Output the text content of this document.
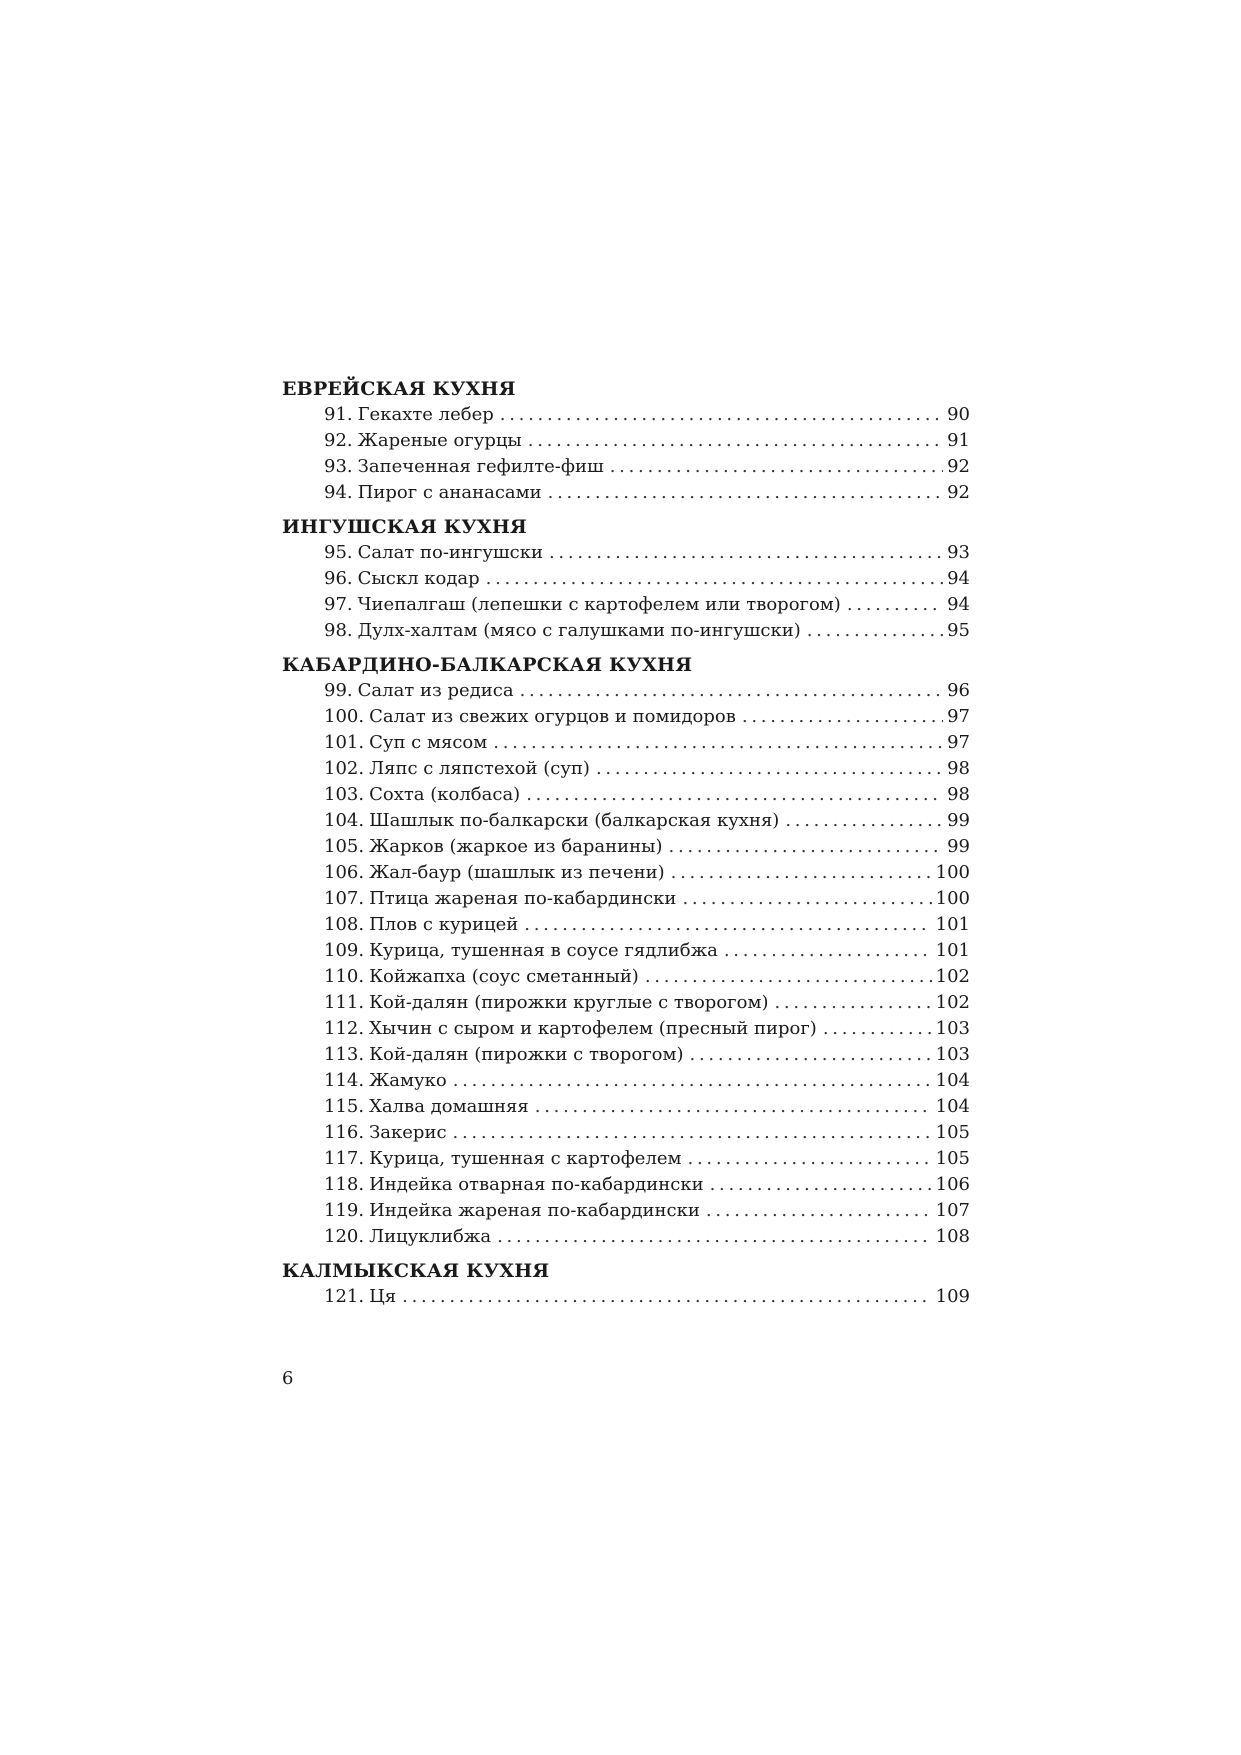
ЕВРЕЙСКАЯ КУХНЯ
91. Гекахте лебер . . .	90
92. Жареные огурцы . . .	91
93. Запеченная гефилте-фиш . . .	92
94. Пирог с ананасами . . .	92
ИНГУШСКАЯ КУХНЯ
95. Салат по-ингушски . . .	93
96. Сыскл кодар . . .	94
97. Чиепалгаш (лепешки с картофелем или творогом) . . .	94
98. Дулх-халтам (мясо с галушками по-ингушски) . . .	95
КАБАРДИНО-БАЛКАРСКАЯ КУХНЯ
99. Салат из редиса . . .	96
100. Салат из свежих огурцов и помидоров . . .	97
101. Суп с мясом . . .	97
102. Ляпс с ляпстехой (суп) . . .	98
103. Сохта (колбаса) . . .	98
104. Шашлык по-балкарски (балкарская кухня) . . .	99
105. Жарков (жаркое из баранины) . . .	99
106. Жал-баур (шашлык из печени) . . .	100
107. Птица жареная по-кабардински . . .	100
108. Плов с курицей . . .	101
109. Курица, тушенная в соусе гядлибжа . . .	101
110. Койжапха (соус сметанный) . . .	102
111. Кой-далян (пирожки круглые с творогом) . . .	102
112. Хычин с сыром и картофелем (пресный пирог) . . .	103
113. Кой-далян (пирожки с творогом) . . .	103
114. Жамуко . . .	104
115. Халва домашняя . . .	104
116. Закерис . . .	105
117. Курица, тушенная с картофелем . . .	105
118. Индейка отварная по-кабардински . . .	106
119. Индейка жареная по-кабардински . . .	107
120. Лицуклибжа . . .	108
КАЛМЫКСКАЯ КУХНЯ
121. Ця . . .	109
6
